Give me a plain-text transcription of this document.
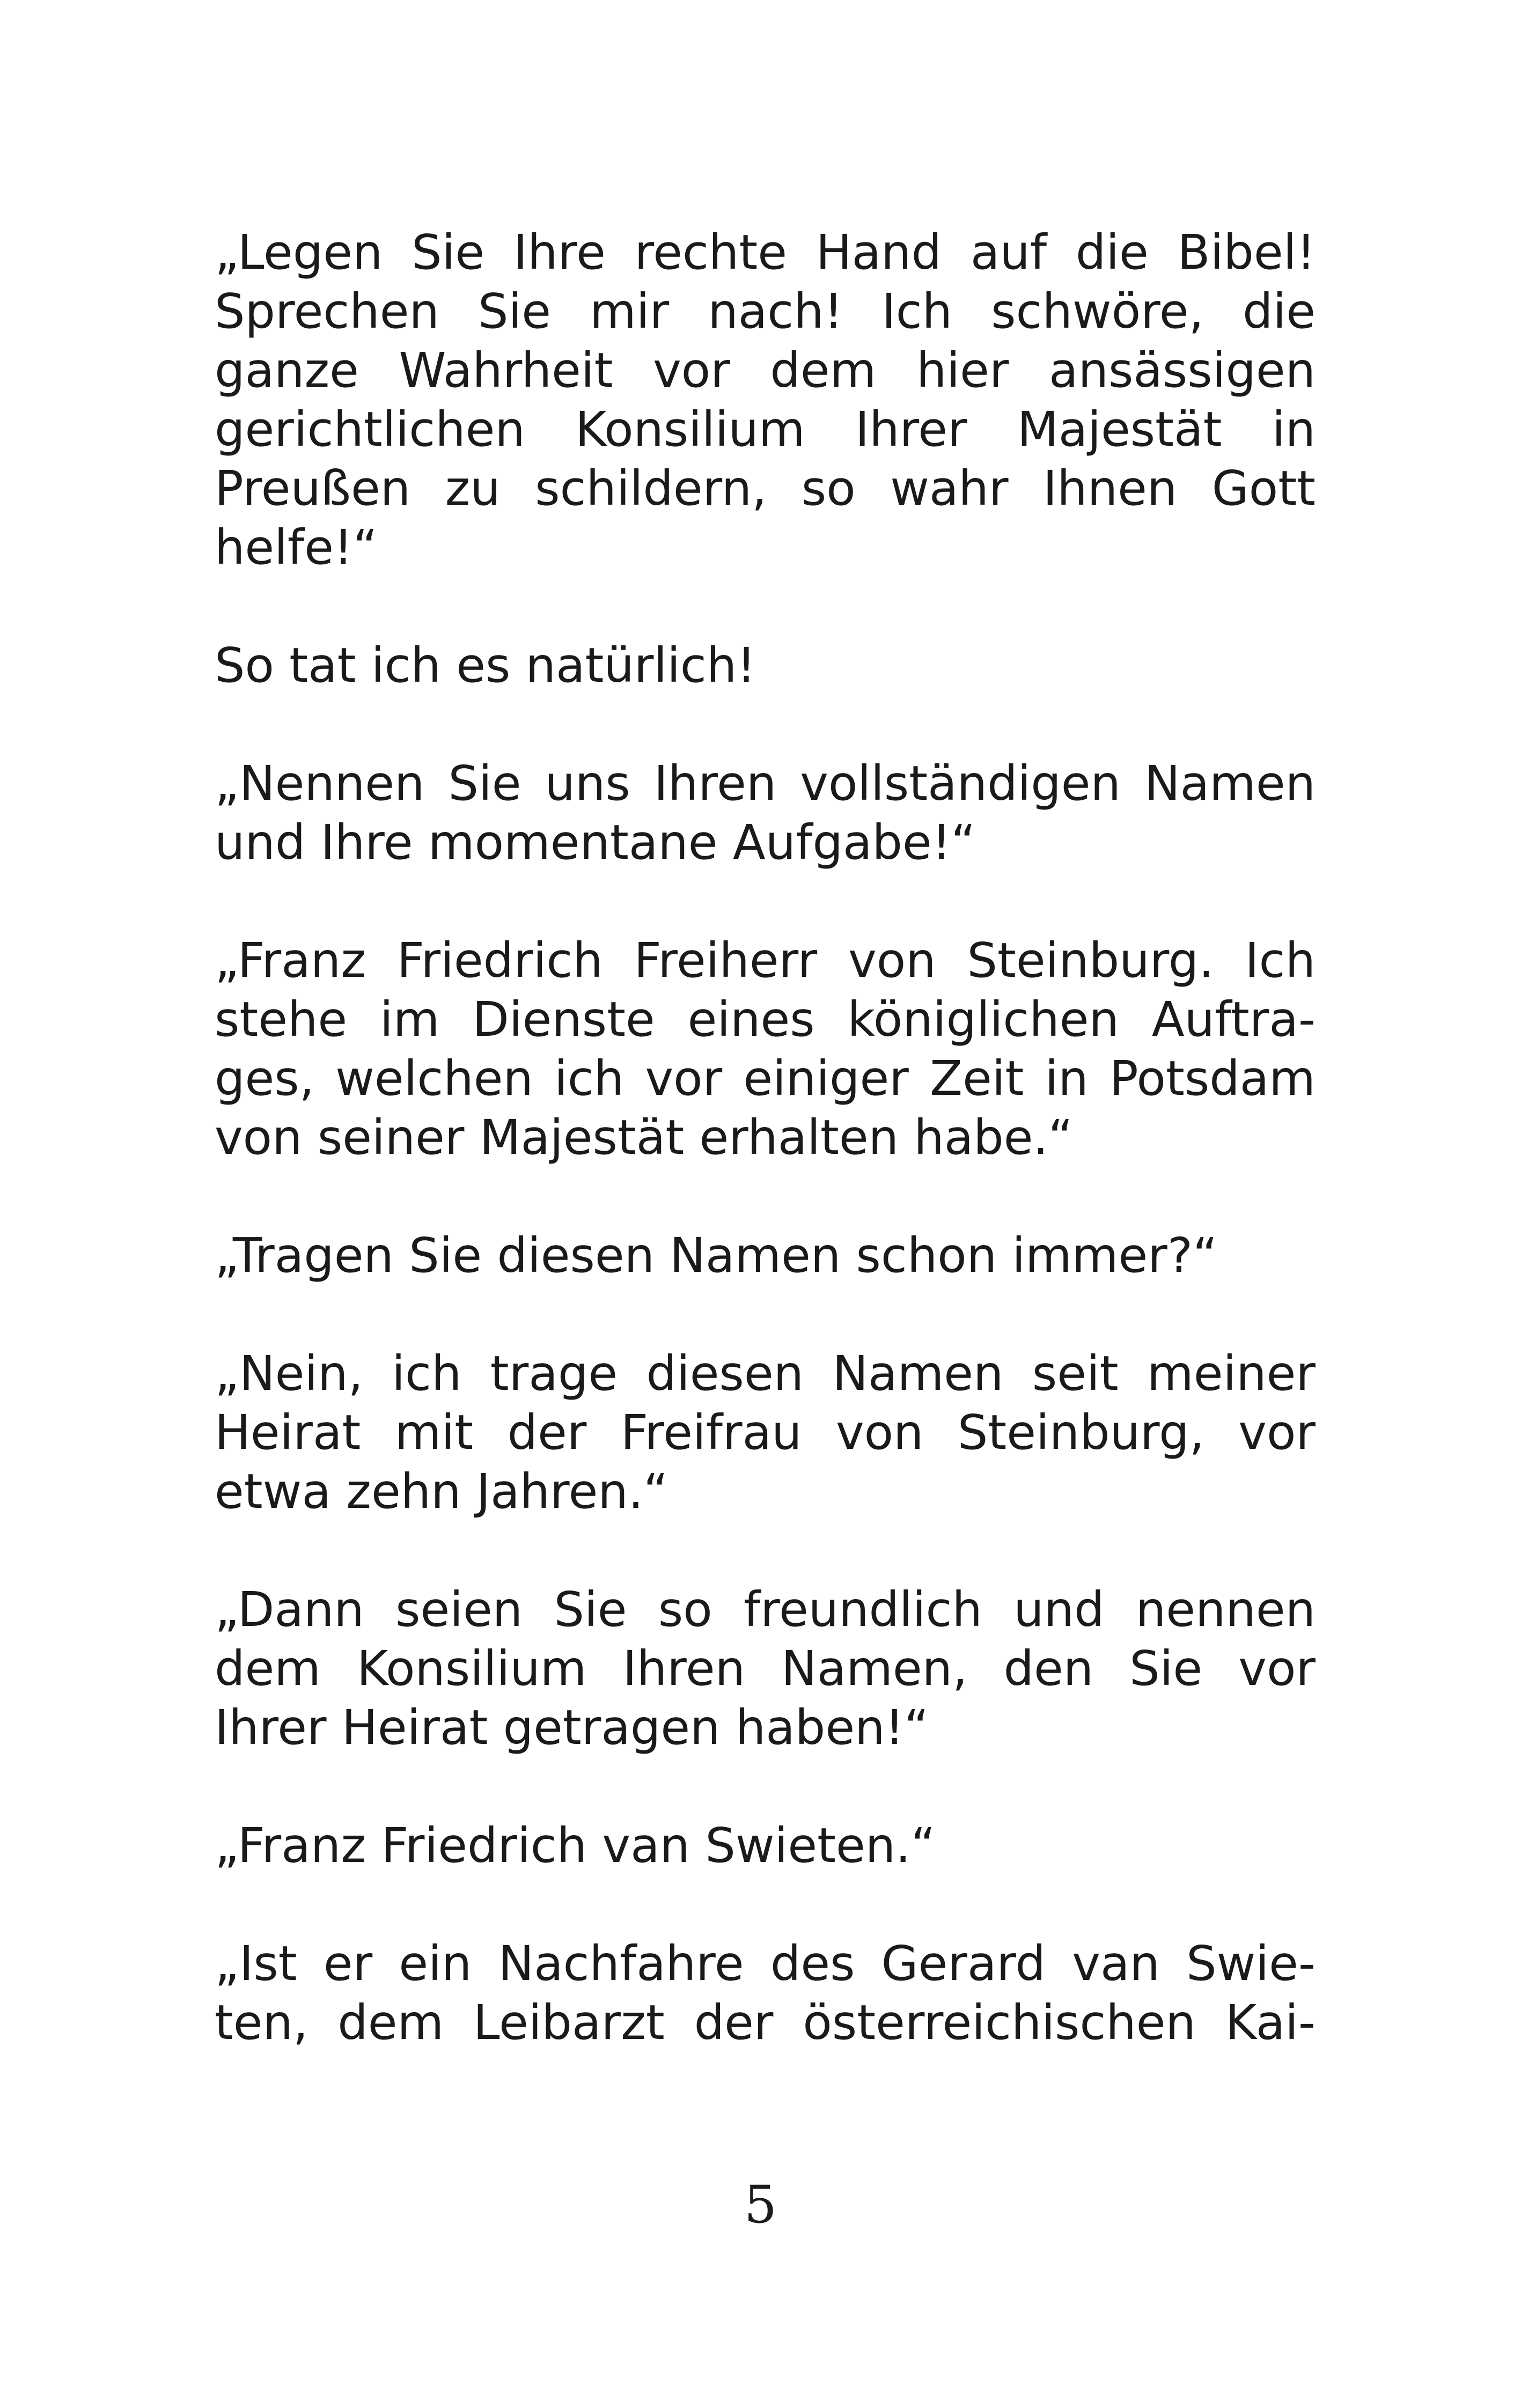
„Legen Sie Ihre rechte Hand auf die Bibel!
Sprechen Sie mir nach! Ich schwöre, die
ganze Wahrheit vor dem hier ansässigen
gerichtlichen Konsilium Ihrer Majestät in
Preußen zu schildern, so wahr Ihnen Gott
helfe!“
So tat ich es natürlich!
„Nennen Sie uns Ihren vollständigen Namen
und Ihre momentane Aufgabe!“
„Franz Friedrich Freiherr von Steinburg. Ich
stehe im Dienste eines königlichen Auftra-
ges, welchen ich vor einiger Zeit in Potsdam
von seiner Majestät erhalten habe.“
„Tragen Sie diesen Namen schon immer?“
„Nein, ich trage diesen Namen seit meiner
Heirat mit der Freifrau von Steinburg, vor
etwa zehn Jahren.“
„Dann seien Sie so freundlich und nennen
dem Konsilium Ihren Namen, den Sie vor
Ihrer Heirat getragen haben!“
„Franz Friedrich van Swieten.“
„Ist er ein Nachfahre des Gerard van Swie-
ten, dem Leibarzt der österreichischen Kai-
5
